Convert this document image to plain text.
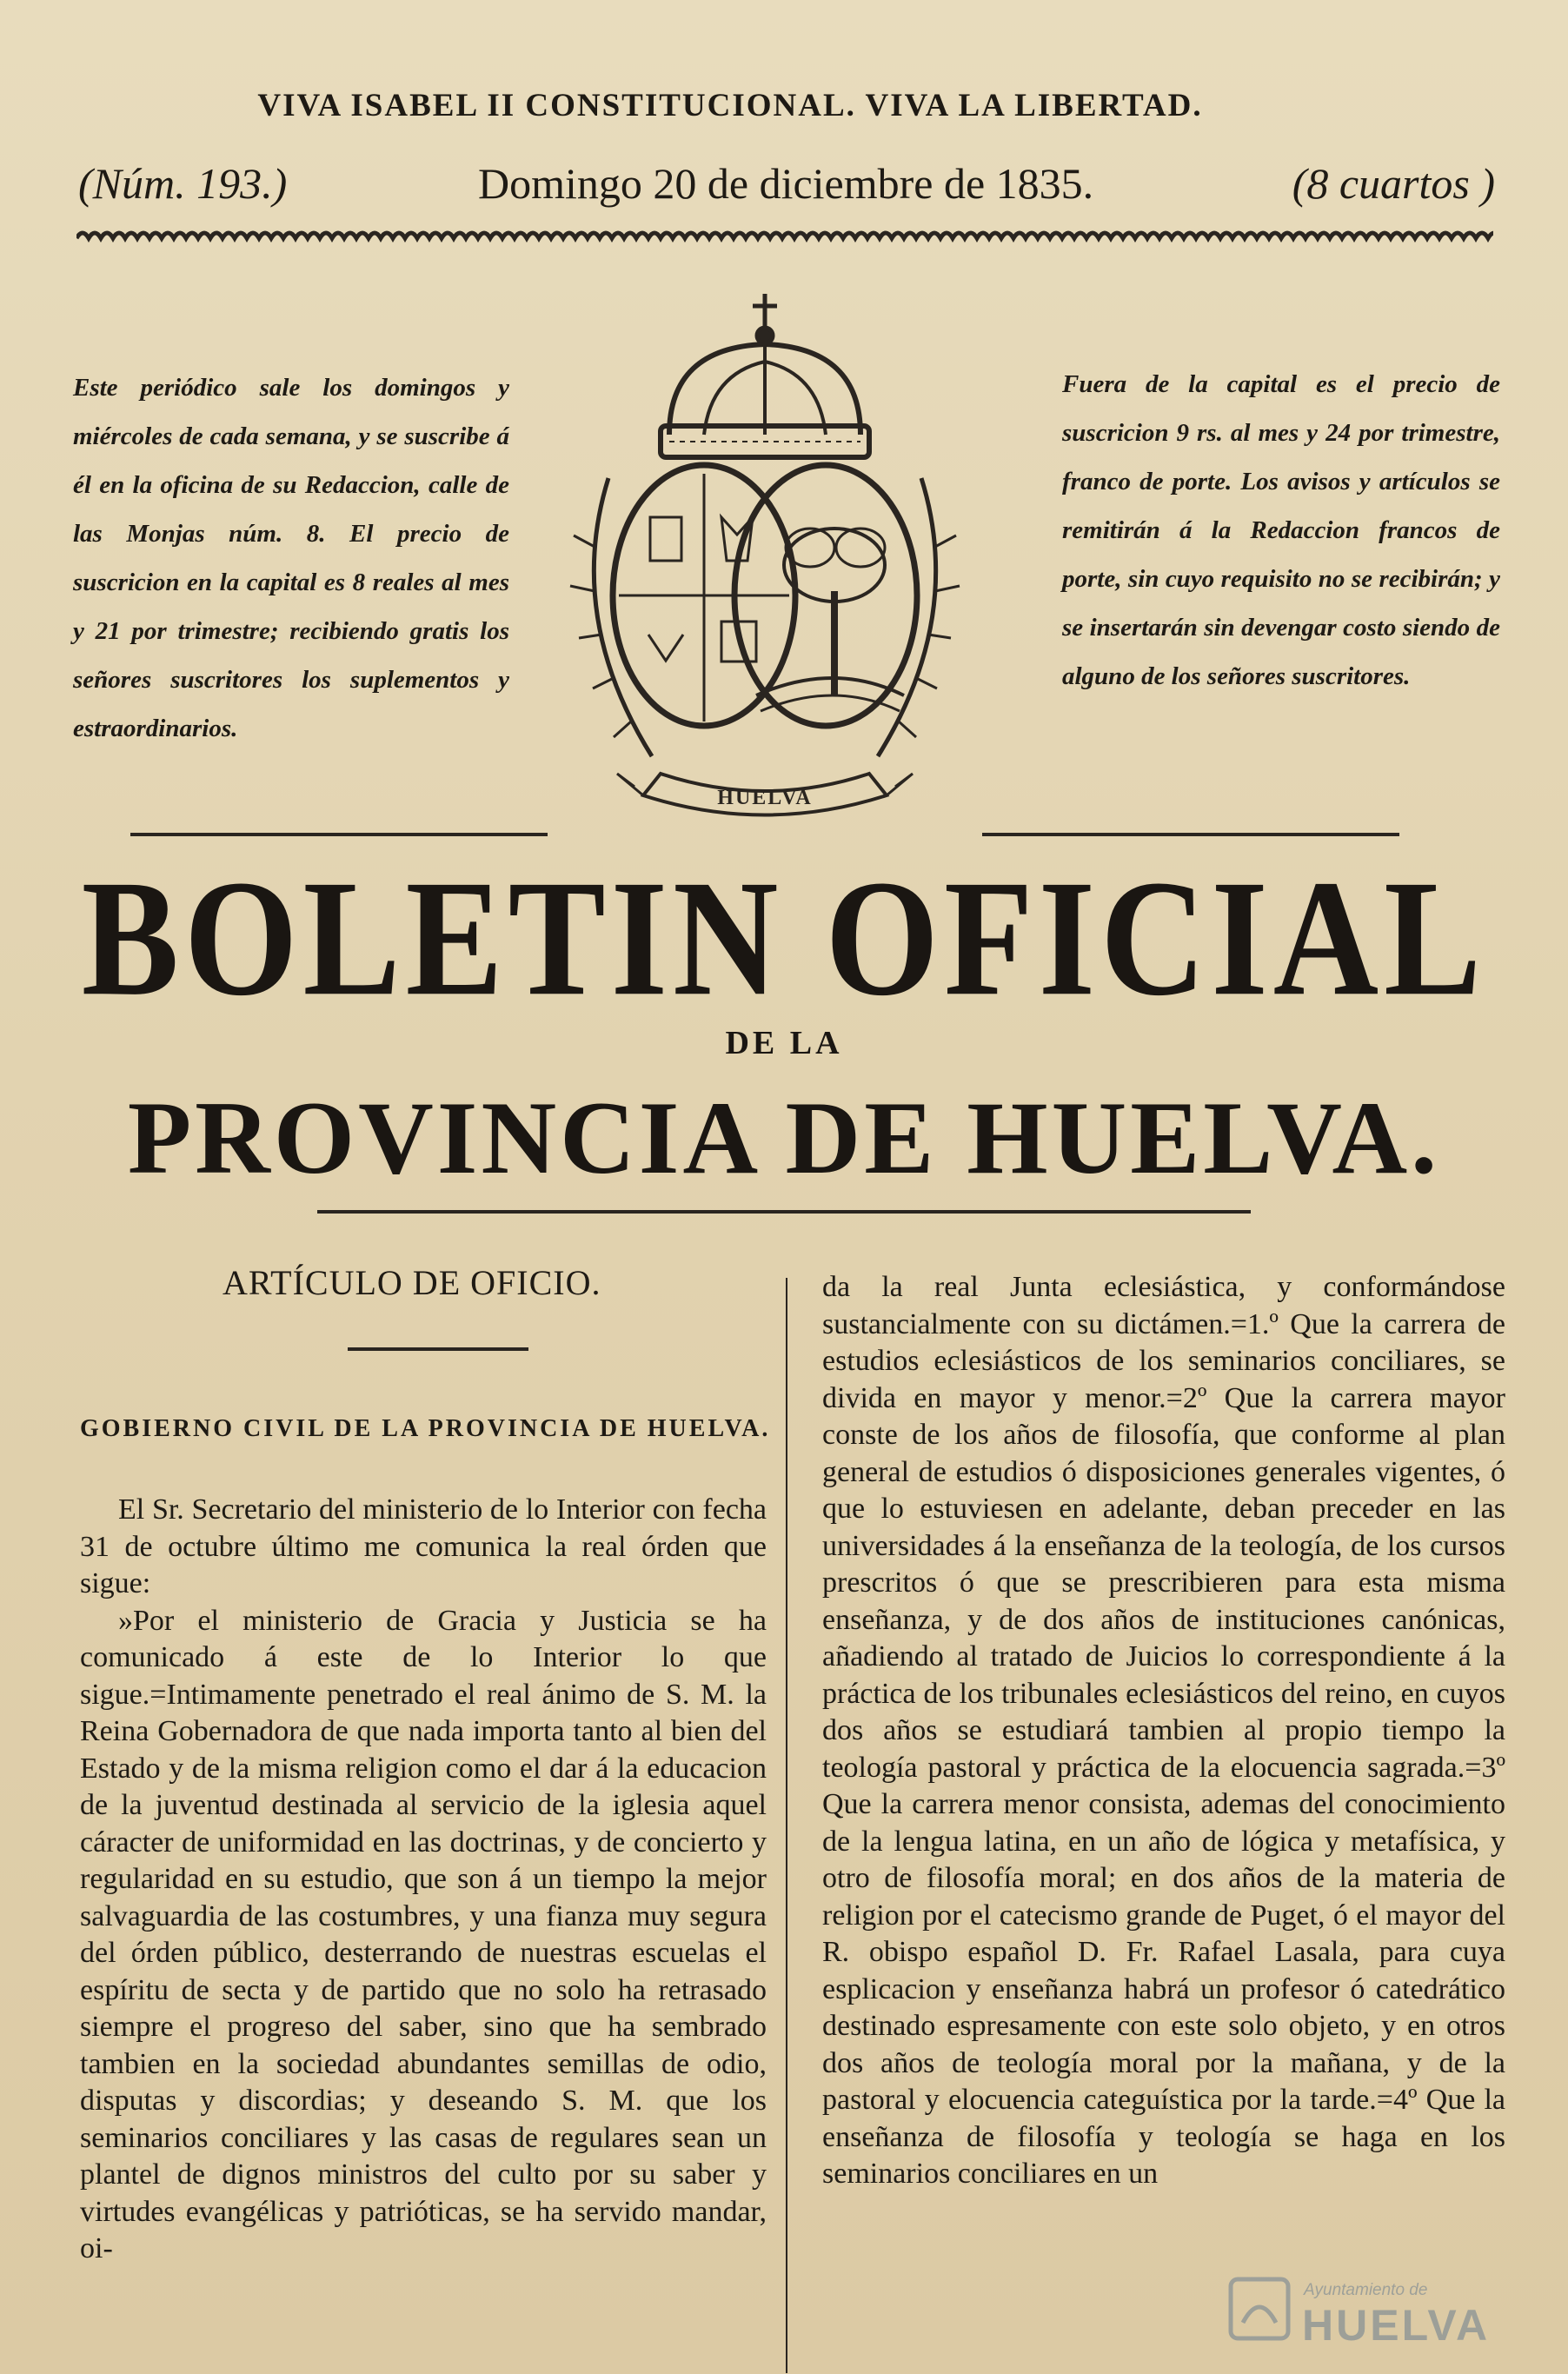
VIVA ISABEL II CONSTITUCIONAL. VIVA LA LIBERTAD.
(Núm. 193.)	Domingo 20 de diciembre de 1835.	(8 cuartos )
Este periódico sale los domingos y miércoles de cada semana, y se suscribe á él en la oficina de su Redaccion, calle de las Monjas núm. 8. El precio de suscricion en la capital es 8 reales al mes y 21 por trimestre; recibiendo gratis los señores suscritores los suplementos y estraordinarios.
Fuera de la capital es el precio de suscricion 9 rs. al mes y 24 por trimestre, franco de porte. Los avisos y artículos se remitirán á la Redaccion francos de porte, sin cuyo requisito no se recibirán; y se insertarán sin devengar costo siendo de alguno de los señores suscritores.
HUELVA
BOLETIN OFICIAL
DE LA
PROVINCIA DE HUELVA.
ARTÍCULO DE OFICIO.
GOBIERNO CIVIL DE LA PROVINCIA DE HUELVA.

El Sr. Secretario del ministerio de lo Interior con fecha 31 de octubre último me comunica la real órden que sigue:

»Por el ministerio de Gracia y Justicia se ha comunicado á este de lo Interior lo que sigue.=Intimamente penetrado el real ánimo de S. M. la Reina Gobernadora de que nada importa tanto al bien del Estado y de la misma religion como el dar á la educacion de la juventud destinada al servicio de la iglesia aquel cáracter de uniformidad en las doctrinas, y de concierto y regularidad en su estudio, que son á un tiempo la mejor salvaguardia de las costumbres, y una fianza muy segura del órden público, desterrando de nuestras escuelas el espíritu de secta y de partido que no solo ha retrasado siempre el progreso del saber, sino que ha sembrado tambien en la sociedad abundantes semillas de odio, disputas y discordias; y deseando S. M. que los seminarios conciliares y las casas de regulares sean un plantel de dignos ministros del culto por su saber y virtudes evangélicas y patrióticas, se ha servido mandar, oi-

da la real Junta eclesiástica, y conformándose sustancialmente con su dictámen.=1.º Que la carrera de estudios eclesiásticos de los seminarios conciliares, se divida en mayor y menor.=2º Que la carrera mayor conste de los años de filosofía, que conforme al plan general de estudios ó disposiciones generales vigentes, ó que lo estuviesen en adelante, deban preceder en las universidades á la enseñanza de la teología, de los cursos prescritos ó que se prescribieren para esta misma enseñanza, y de dos años de instituciones canónicas, añadiendo al tratado de Juicios lo correspondiente á la práctica de los tribunales eclesiásticos del reino, en cuyos dos años se estudiará tambien al propio tiempo la teología pastoral y práctica de la elocuencia sagrada.=3º Que la carrera menor consista, ademas del conocimiento de la lengua latina, en un año de lógica y metafísica, y otro de filosofía moral; en dos años de la materia de religion por el catecismo grande de Puget, ó el mayor del R. obispo español D. Fr. Rafael Lasala, para cuya esplicacion y enseñanza habrá un profesor ó catedrático destinado espresamente con este solo objeto, y en otros dos años de teología moral por la mañana, y de la pastoral y elocuencia categuística por la tarde.=4º Que la enseñanza de filosofía y teología se haga en los seminarios conciliares en un

Ayuntamiento de
HUELVA
